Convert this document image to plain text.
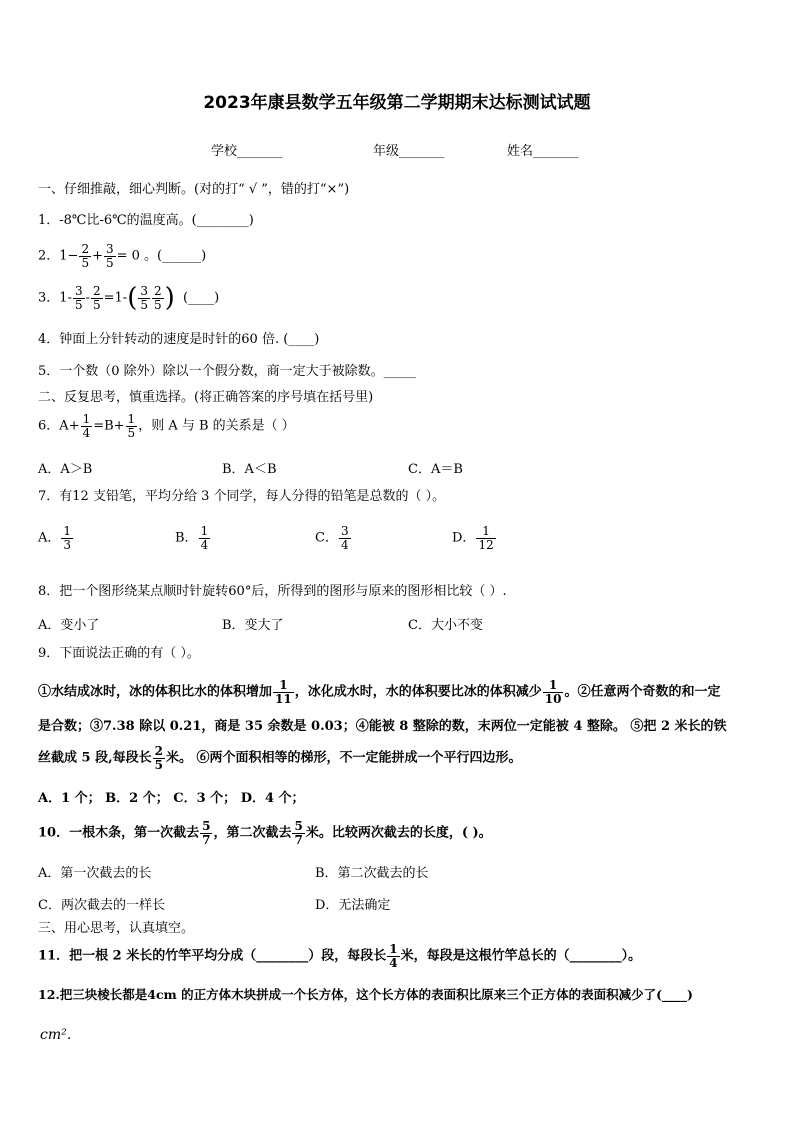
2023年康县数学五年级第二学期期末达标测试试题
学校_______	年级_______	姓名_______
一、仔细推敲，细心判断。(对的打“ √ ”，错的打“×”)
1．-8℃比-6℃的温度高。(________)
2．$1- \frac{2}{5} + \frac{3}{5} = 0$ 。(______)
3．$1- \frac{3}{5} - \frac{2}{5} =1-( \frac{3}{5} \frac{2}{5}$ ) (____)
4．钟面上分针转动的速度是时针的60 倍. (____)
5．一个数（0 除外）除以一个假分数，商一定大于被除数。_____
二、反复思考，慎重选择。(将正确答案的序号填在括号里)
6．$A+ \frac{1}{4} =B+ \frac{1}{5}$ ，则 A 与 B 的关系是（ ）
A．A＞B	B．A＜B	C．A＝B
7．有12 支铅笔，平均分给 3 个同学，每人分得的铅笔是总数的（ ）。
A． $\frac{1}{3}$	B． $\frac{1}{4}$	C． $\frac{3}{4}$	D． $\frac{1}{12}$
8．把一个图形绕某点顺时针旋转60°后，所得到的图形与原来的图形相比较（ ）.
A．变小了	B．变大了	C．大小不变
9．下面说法正确的有（ ）。
①水结成冰时，冰的体积比水的体积增加 $\frac{1}{11}$ ，冰化成水时，水的体积要比冰的体积减少 $\frac{1}{10}$ 。②任意两个奇数的和一定
是合数；③7.38 除以 0.21，商是 35 余数是 0.03；④能被 8 整除的数，末两位一定能被 4 整除。 ⑤把 2 米长的铁
丝截成 5 段,每段长 $\frac{2}{5}$ 米。 ⑥两个面积相等的梯形，不一定能拼成一个平行四边形。
A．1 个； B．2 个； C．3 个； D．4 个；
10．一根木条，第一次截去 $\frac{5}{7}$ ，第二次截去 $\frac{5}{7}$ 米。比较两次截去的长度，( )。
A．第一次截去的长	B．第二次截去的长
C．两次截去的一样长	D．无法确定
三、用心思考，认真填空。
11．把一根 2 米长的竹竿平均分成（________）段，每段长 $\frac{1}{4}$ 米，每段是这根竹竿总长的（________）。
12.把三块棱长都是4cm 的正方体木块拼成一个长方体，这个长方体的表面积比原来三个正方体的表面积减少了(____)
cm²．
